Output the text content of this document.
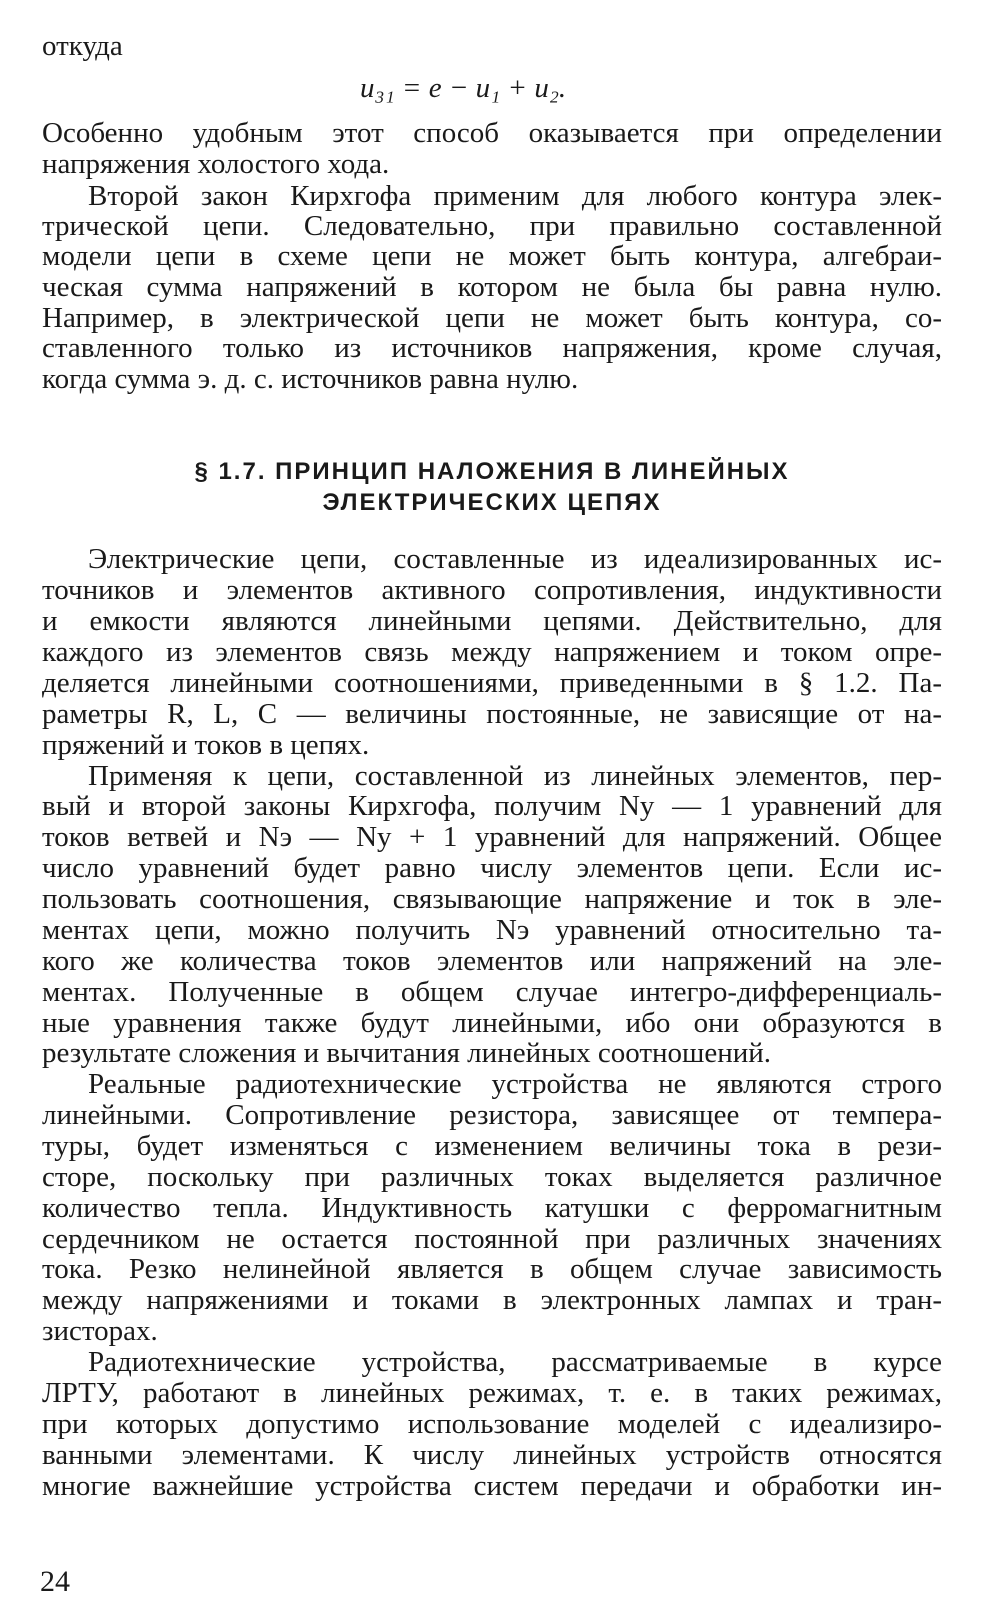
откуда
Особенно удобным этот способ оказывается при определении
напряжения холостого хода.
Второй закон Кирхгофа применим для любого контура элек-
трической цепи. Следовательно, при правильно составленной
модели цепи в схеме цепи не может быть контура, алгебраи-
ческая сумма напряжений в котором не была бы равна нулю.
Например, в электрической цепи не может быть контура, со-
ставленного только из источников напряжения, кроме случая,
когда сумма э. д. с. источников равна нулю.
Электрические цепи, составленные из идеализированных ис-
точников и элементов активного сопротивления, индуктивности
и емкости являются линейными цепями. Действительно, для
каждого из элементов связь между напряжением и током опре-
деляется линейными соотношениями, приведенными в § 1.2. Па-
раметры R, L, C — величины постоянные, не зависящие от на-
пряжений и токов в цепях.
Применяя к цепи, составленной из линейных элементов, пер-
вый и второй законы Кирхгофа, получим Nу — 1 уравнений для
токов ветвей и Nэ — Nу + 1 уравнений для напряжений. Общее
число уравнений будет равно числу элементов цепи. Если ис-
пользовать соотношения, связывающие напряжение и ток в эле-
ментах цепи, можно получить Nэ уравнений относительно та-
кого же количества токов элементов или напряжений на эле-
ментах. Полученные в общем случае интегро-дифференциаль-
ные уравнения также будут линейными, ибо они образуются в
результате сложения и вычитания линейных соотношений.
Реальные радиотехнические устройства не являются строго
линейными. Сопротивление резистора, зависящее от темпера-
туры, будет изменяться с изменением величины тока в рези-
сторе, поскольку при различных токах выделяется различное
количество тепла. Индуктивность катушки с ферромагнитным
сердечником не остается постоянной при различных значениях
тока. Резко нелинейной является в общем случае зависимость
между напряжениями и токами в электронных лампах и тран-
зисторах.
Радиотехнические устройства, рассматриваемые в курсе
ЛРТУ, работают в линейных режимах, т. е. в таких режимах,
при которых допустимо использование моделей с идеализиро-
ванными элементами. К числу линейных устройств относятся
многие важнейшие устройства систем передачи и обработки ин-
u₃₁ = e − u₁ + u₂.
§ 1.7. ПРИНЦИП НАЛОЖЕНИЯ В ЛИНЕЙНЫХ
ЭЛЕКТРИЧЕСКИХ ЦЕПЯХ
24
